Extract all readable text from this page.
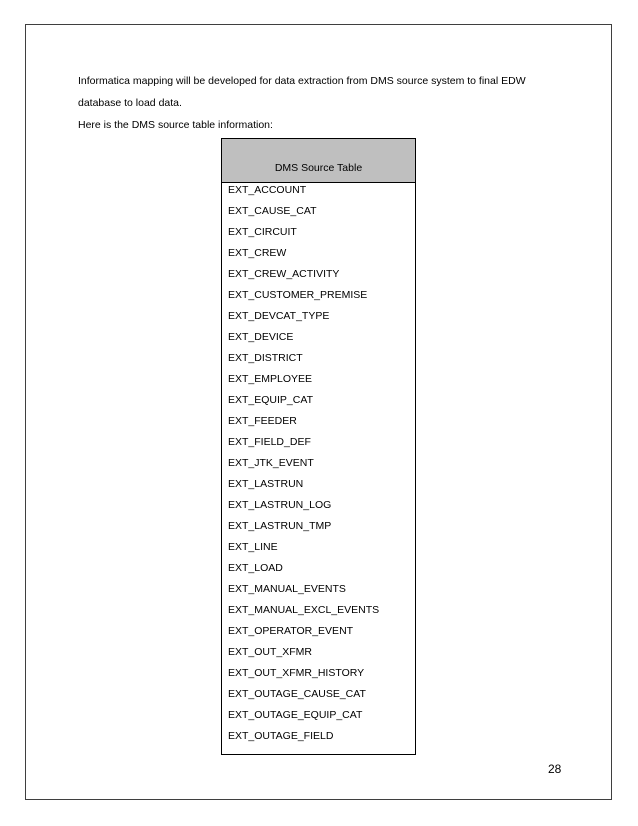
Informatica mapping will be developed for data extraction from DMS source system to final EDW
database to load data.
Here is the DMS source table information:
DMS Source Table
EXT_ACCOUNT
EXT_CAUSE_CAT
EXT_CIRCUIT
EXT_CREW
EXT_CREW_ACTIVITY
EXT_CUSTOMER_PREMISE
EXT_DEVCAT_TYPE
EXT_DEVICE
EXT_DISTRICT
EXT_EMPLOYEE
EXT_EQUIP_CAT
EXT_FEEDER
EXT_FIELD_DEF
EXT_JTK_EVENT
EXT_LASTRUN
EXT_LASTRUN_LOG
EXT_LASTRUN_TMP
EXT_LINE
EXT_LOAD
EXT_MANUAL_EVENTS
EXT_MANUAL_EXCL_EVENTS
EXT_OPERATOR_EVENT
EXT_OUT_XFMR
EXT_OUT_XFMR_HISTORY
EXT_OUTAGE_CAUSE_CAT
EXT_OUTAGE_EQUIP_CAT
EXT_OUTAGE_FIELD
28
